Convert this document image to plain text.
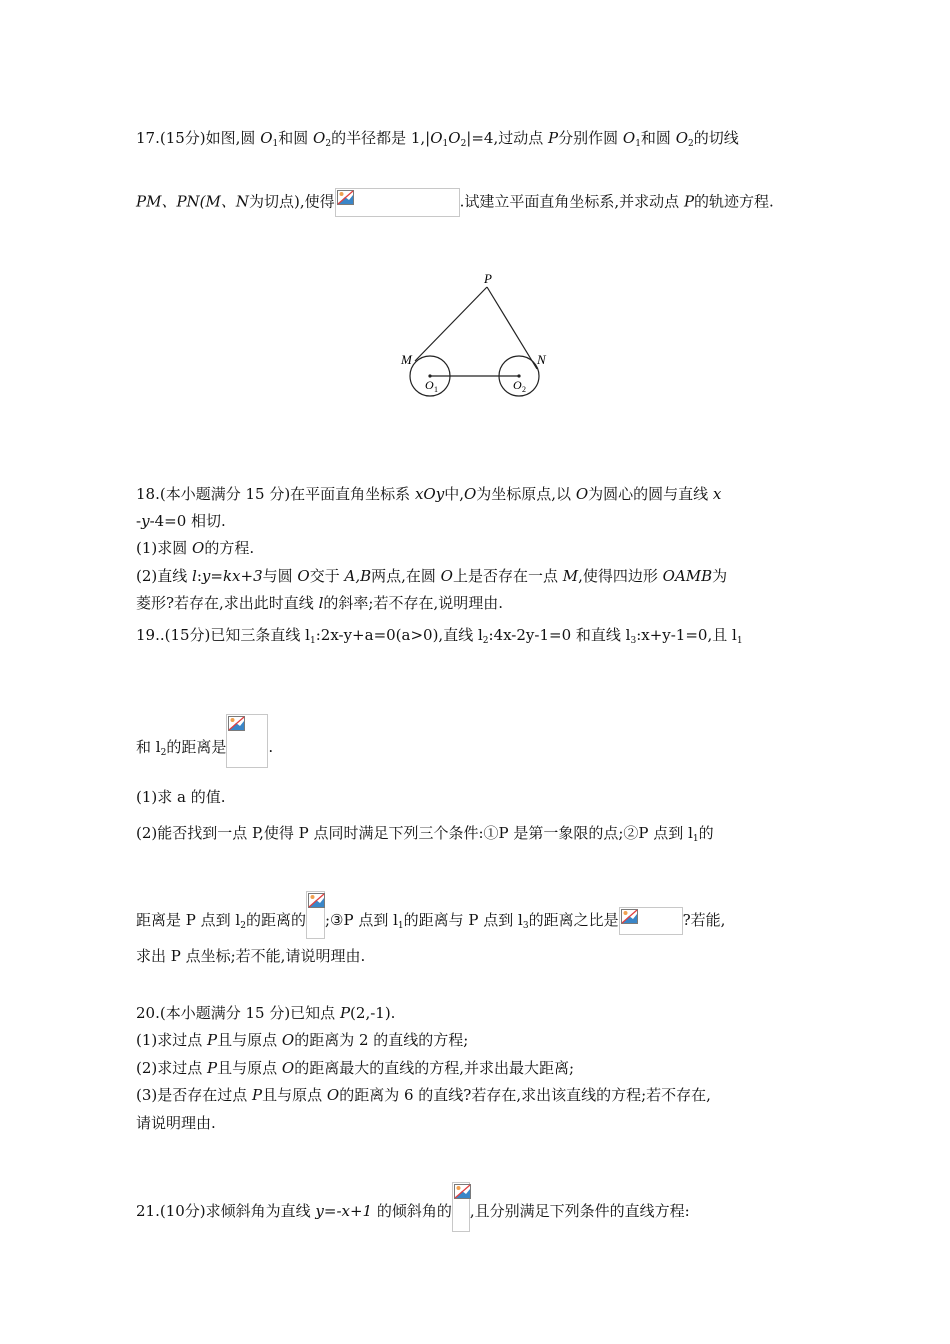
17.(15分)如图,圆 $O_1$和圆 $O_2$的半径都是 $1,|O_1O_2|=4$,过动点 P分别作圆 $O_1$和圆 $O_2$的切线
PM、PN(M、N为切点),使得	.试建立平面直角坐标系,并求动点 P的轨迹方程.
P
M	N
O 1	O 2
18.(本小题满分 15 分)在平面直角坐标系 xOy中,O为坐标原点,以 O为圆心的圆与直线 x
-y-4=0 相切.
(1)求圆 O的方程.
(2)直线 l:y=kx+3与圆 O交于 A,B两点,在圆 O上是否存在一点 M,使得四边形 OAMB为
菱形?若存在,求出此时直线 l的斜率;若不存在,说明理由.
19..(15分)已知三条直线 $l_1:2x-y+a=0(a>0)$,直线 $l_2:4x-2y-1=0$ 和直线 $l_3:x+y-1=0$,且 $l_1$
和 $l_2$的距离是	.
(1)求 a 的值.
(2)能否找到一点 P,使得 P 点同时满足下列三个条件:①P 是第一象限的点;②P 点到 $l_1$的
距离是 P 点到 $l_2$的距离的 ;③P 点到 $l_1$的距离与 P 点到 $l_3$的距离之比是	?若能,
求出 P 点坐标;若不能,请说明理由.
20.(本小题满分 15 分)已知点 P(2,-1).
(1)求过点 P且与原点 O的距离为 2 的直线的方程;
(2)求过点 P且与原点 O的距离最大的直线的方程,并求出最大距离;
(3)是否存在过点 P且与原点 O的距离为 6 的直线?若存在,求出该直线的方程;若不存在,
请说明理由.
21.(10分)求倾斜角为直线 y=-x+1 的倾斜角的 ,且分别满足下列条件的直线方程:
